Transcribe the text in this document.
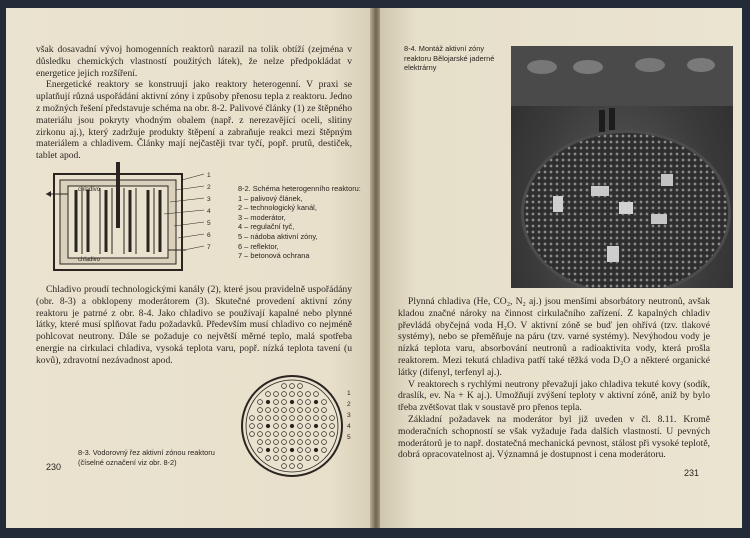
však dosavadní vývoj homogenních reaktorů narazil na tolik obtíží (zejména v důsledku chemických vlastností použitých látek), že nelze předpokládat v energetice jejich rozšíření.

Energetické reaktory se konstruují jako reaktory heterogenní. V praxi se uplatňují různá uspořádání aktivní zóny i způsoby přenosu tepla z reaktoru. Jedno z možných řešení představuje schéma na obr. 8-2. Palivové články (1) ze štěpného materiálu jsou pokryty vhodným obalem (např. z nerezavějící oceli, slitiny zirkonu aj.), který zadržuje produkty štěpení a zabraňuje reakci mezi štěpným materiálem a chladivem. Články mají nejčastěji tvar tyčí, popř. prutů, destiček, tablet apod.

chladivo
chladivo
1
2
3
4
5
6
7
8-2. Schéma heterogenního reaktoru:
1 – palivový článek,
2 – technologický kanál,
3 – moderátor,
4 – regulační tyč,
5 – nádoba aktivní zóny,
6 – reflektor,
7 – betonová ochrana

Chladivo proudí technologickými kanály (2), které jsou pravidelně uspořádány (obr. 8-3) a obklopeny moderátorem (3). Skutečné provedení aktivní zóny reaktoru je patrné z obr. 8-4. Jako chladivo se používají kapalné nebo plynné látky, které musí splňovat řadu požadavků. Především musí chladivo co nejméně pohlcovat neutrony. Dále se požaduje co největší měrné teplo, malá spotřeba energie na cirkulaci chladiva, vysoká teplota varu, popř. nízká teplota tavení (u kovů), zdravotní nezávadnost apod.

1
2
3
4
5
8-3. Vodorovný řez aktivní zónou reaktoru (číselné označení viz obr. 8-2)
230
8-4. Montáž aktivní zóny reaktoru Bělojarské jaderné elektrárny

Plynná chladiva (He, CO₂, N₂ aj.) jsou menšími absorbátory neutronů, avšak kladou značné nároky na činnost cirkulačního zařízení. Z kapalných chladiv převládá obyčejná voda H₂O. V aktivní zóně se buď jen ohřívá (tzv. tlakové systémy), nebo se přeměňuje na páru (tzv. varné systémy). Nevýhodou vody je nízká teplota varu, absorbování neutronů a radioaktivita vody, která prošla reaktorem. Mezi tekutá chladiva patří také těžká voda D₂O a některé organické látky (difenyl, terfenyl aj.).

V reaktorech s rychlými neutrony převažují jako chladiva tekuté kovy (sodík, draslík, ev. Na + K aj.). Umožňují zvýšení teploty v aktivní zóně, aniž by bylo třeba zvětšovat tlak v soustavě pro přenos tepla.

Základní požadavek na moderátor byl již uveden v čl. 8.11. Kromě moderačních schopností se však vyžaduje řada dalších vlastností. U pevných moderátorů je to např. dostatečná mechanická pevnost, stálost při vysoké teplotě, dobrá opracovatelnost aj. Významná je dostupnost i cena moderátoru.

231
